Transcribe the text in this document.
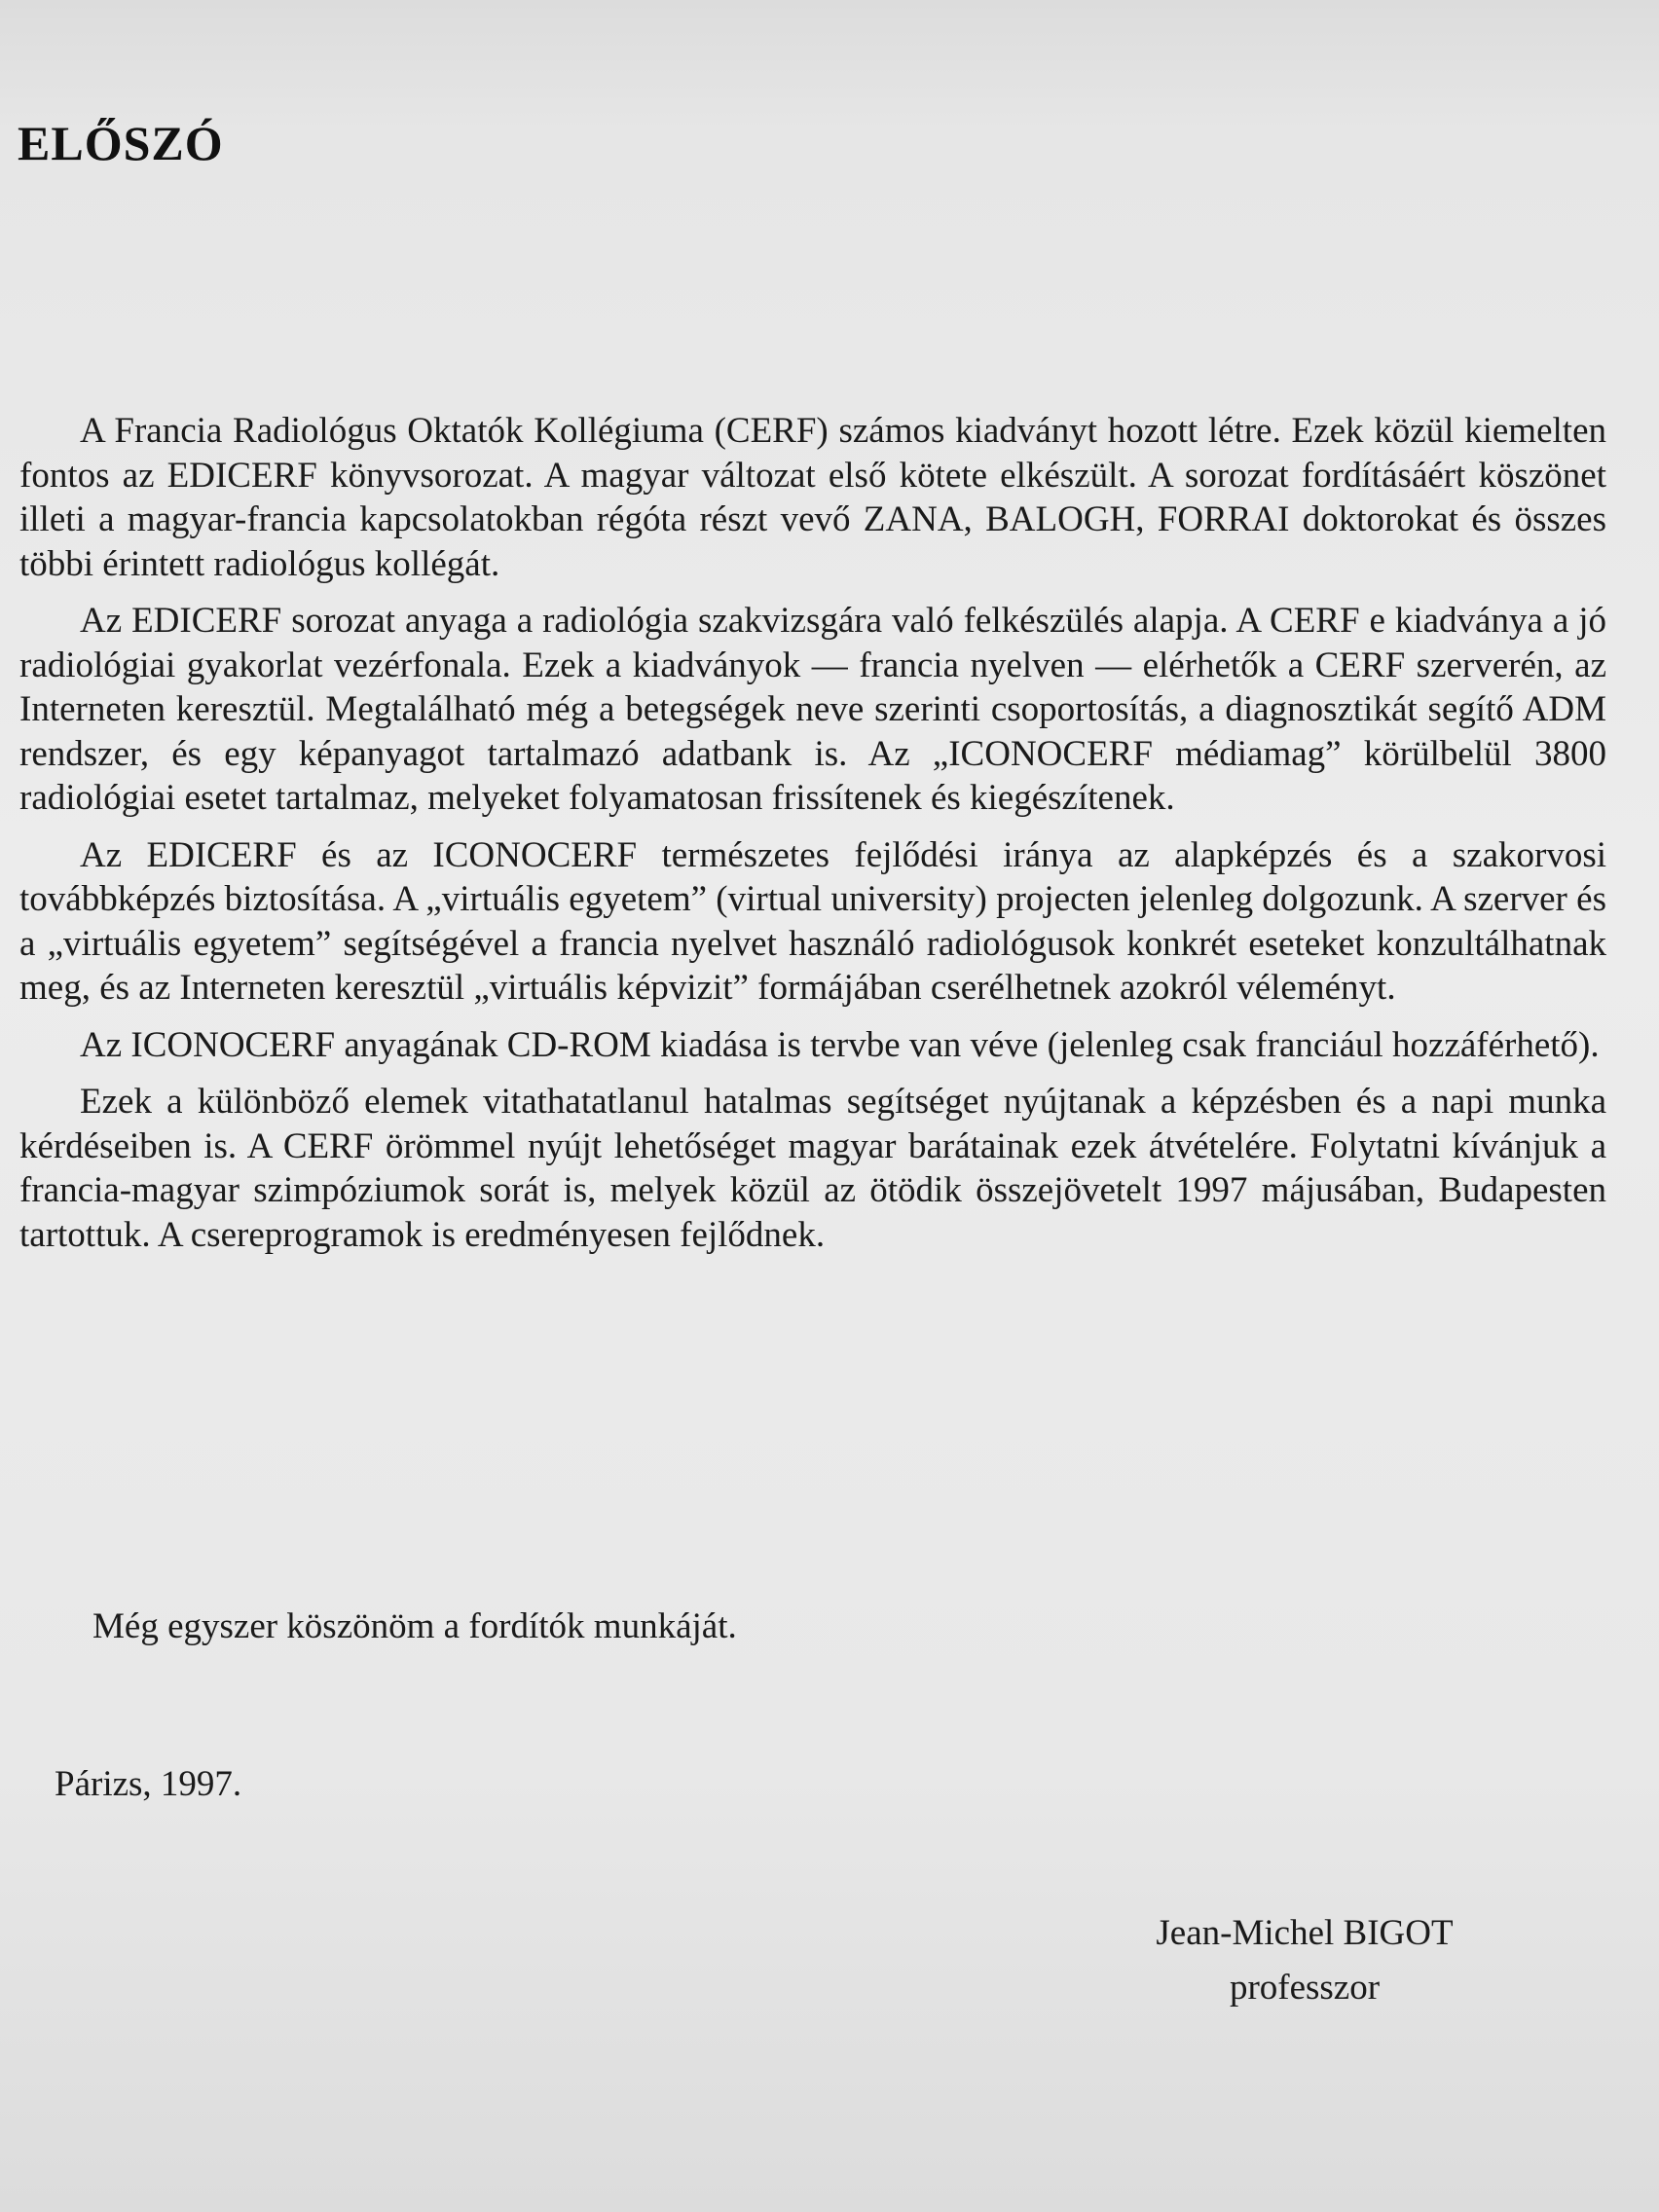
ELŐSZÓ

A Francia Radiológus Oktatók Kollégiuma (CERF) számos kiadványt hozott létre. Ezek közül kiemelten fontos az EDICERF könyvsorozat. A magyar változat első kötete elkészült. A sorozat fordításáért köszönet illeti a magyar-francia kapcsolatokban régóta részt vevő ZANA, BALOGH, FORRAI doktorokat és összes többi érintett radiológus kollégát.

Az EDICERF sorozat anyaga a radiológia szakvizsgára való felkészülés alapja. A CERF e kiadványa a jó radiológiai gyakorlat vezérfonala. Ezek a kiadványok — francia nyelven — elérhetők a CERF szerverén, az Interneten keresztül. Megtalálható még a betegségek neve szerinti csoportosítás, a diagnosztikát segítő ADM rendszer, és egy képanyagot tartalmazó adatbank is. Az „ICONOCERF médiamag” körülbelül 3800 radiológiai esetet tartalmaz, melyeket folyamatosan frissítenek és kiegészítenek.

Az EDICERF és az ICONOCERF természetes fejlődési iránya az alapképzés és a szakorvosi továbbképzés biztosítása. A „virtuális egyetem” (virtual university) projecten jelenleg dolgozunk. A szerver és a „virtuális egyetem” segítségével a francia nyelvet használó radiológusok konkrét eseteket konzultálhatnak meg, és az Interneten keresztül „virtuális képvizit” formájában cserélhetnek azokról véleményt.

Az ICONOCERF anyagának CD-ROM kiadása is tervbe van véve (jelenleg csak franciául hozzáférhető).

Ezek a különböző elemek vitathatatlanul hatalmas segítséget nyújtanak a képzésben és a napi munka kérdéseiben is. A CERF örömmel nyújt lehetőséget magyar barátainak ezek átvételére. Folytatni kívánjuk a francia-magyar szimpóziumok sorát is, melyek közül az ötödik összejövetelt 1997 májusában, Budapesten tartottuk. A csereprogramok is eredményesen fejlődnek.

Még egyszer köszönöm a fordítók munkáját.
Párizs, 1997.
Jean-Michel BIGOT
professzor
